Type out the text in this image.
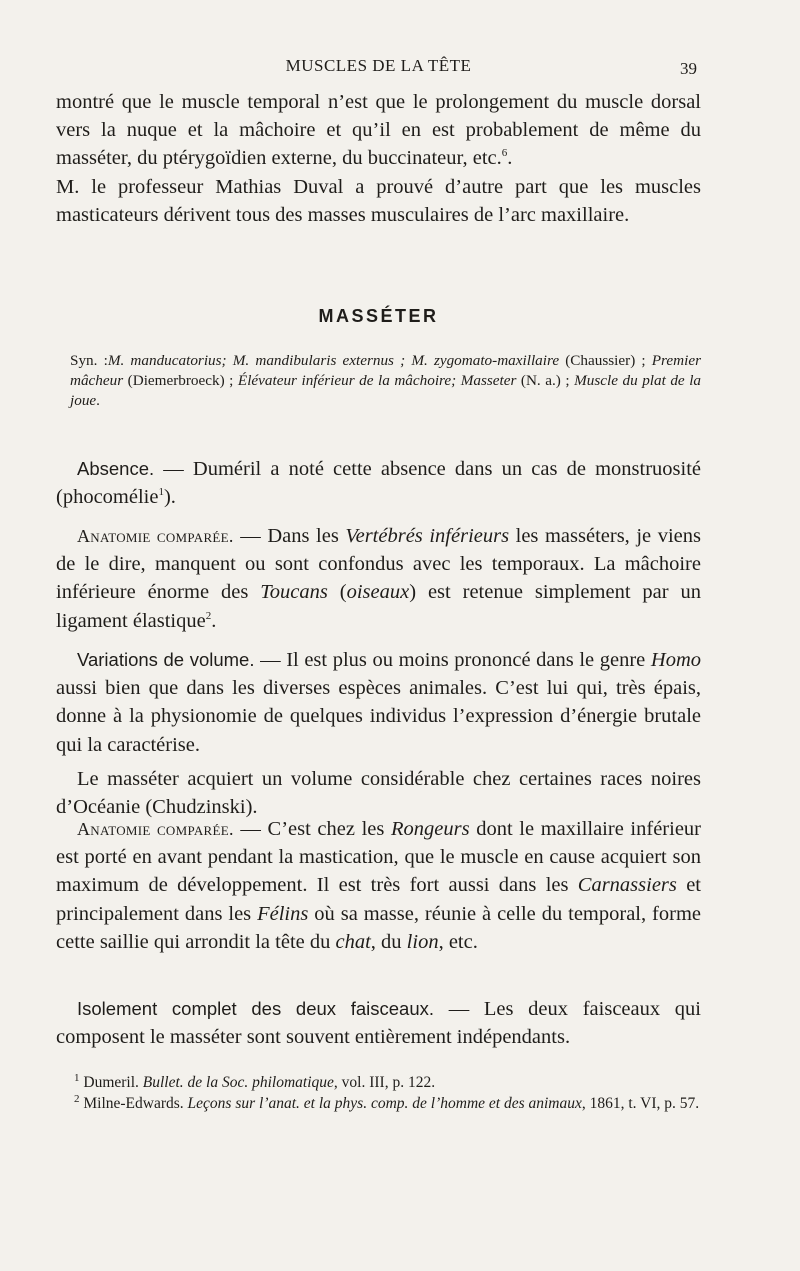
MUSCLES DE LA TÊTE	39

montré que le muscle temporal n’est que le prolongement du muscle dorsal vers la nuque et la mâchoire et qu’il en est probablement de même du masséter, du ptérygoïdien externe, du buccinateur, etc.$^6$.

M. le professeur Mathias Duval a prouvé d’autre part que les muscles masticateurs dérivent tous des masses musculaires de l’arc maxillaire.

MASSÉTER
Syn. :M. manducatorius; M. mandibularis externus ; M. zygomato-maxillaire (Chaussier) ; Premier mâcheur (Diemerbroeck) ; Élévateur inférieur de la mâchoire; Masseter (N. a.) ; Muscle du plat de la joue.

Absence. — Duméril a noté cette absence dans un cas de monstruosité (phocomélie$^1$).

Anatomie comparée. — Dans les Vertébrés inférieurs les masséters, je viens de le dire, manquent ou sont confondus avec les temporaux. La mâchoire inférieure énorme des Toucans (oiseaux) est retenue simplement par un ligament élastique$^2$.

Variations de volume. — Il est plus ou moins prononcé dans le genre Homo aussi bien que dans les diverses espèces animales. C’est lui qui, très épais, donne à la physionomie de quelques individus l’expression d’énergie brutale qui la caractérise.

Le masséter acquiert un volume considérable chez certaines races noires d’Océanie (Chudzinski).

Anatomie comparée. — C’est chez les Rongeurs dont le maxillaire inférieur est porté en avant pendant la mastication, que le muscle en cause acquiert son maximum de développement. Il est très fort aussi dans les Carnassiers et principalement dans les Félins où sa masse, réunie à celle du temporal, forme cette saillie qui arrondit la tête du chat, du lion, etc.

Isolement complet des deux faisceaux. — Les deux faisceaux qui composent le masséter sont souvent entièrement indépendants.

$^1$ Dumeril. Bullet. de la Soc. philomatique, vol. III, p. 122.

$^2$ Milne-Edwards. Leçons sur l’anat. et la phys. comp. de l’homme et des animaux, 1861, t. VI, p. 57.
